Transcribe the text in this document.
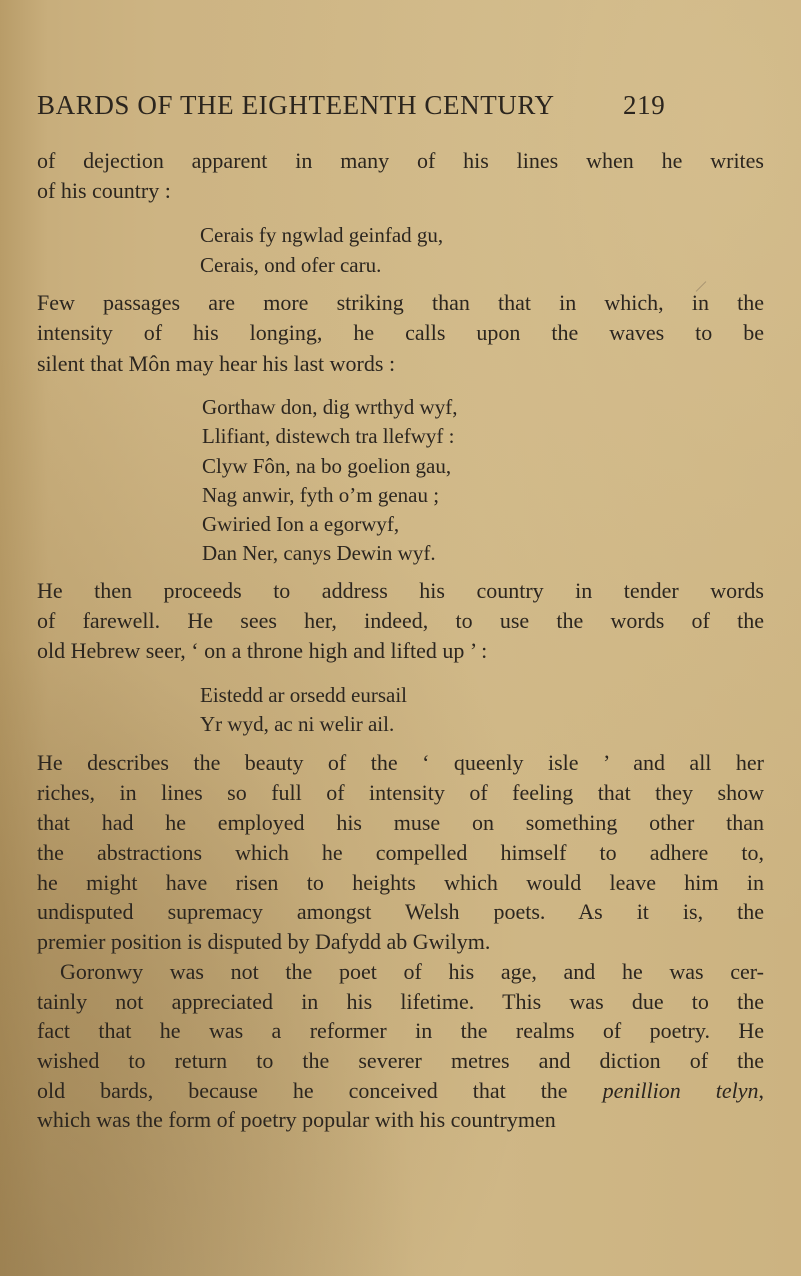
BARDS OF THE EIGHTEENTH CENTURY	219
of dejection apparent in many of his lines when he writes
of his country :
Cerais fy ngwlad geinfad gu,
Cerais, ond ofer caru.
Few passages are more striking than that in which, in the
intensity of his longing, he calls upon the waves to be
silent that Môn may hear his last words :
Gorthaw don, dig wrthyd wyf,
Llifiant, distewch tra llefwyf :
Clyw Fôn, na bo goelion gau,
Nag anwir, fyth o’m genau ;
Gwiried Ion a egorwyf,
Dan Ner, canys Dewin wyf.
He then proceeds to address his country in tender words
of farewell. He sees her, indeed, to use the words of the
old Hebrew seer, ‘ on a throne high and lifted up ’ :
Eistedd ar orsedd eursail
Yr wyd, ac ni welir ail.
He describes the beauty of the ‘ queenly isle ’ and all her
riches, in lines so full of intensity of feeling that they show
that had he employed his muse on something other than
the abstractions which he compelled himself to adhere to,
he might have risen to heights which would leave him in
undisputed supremacy amongst Welsh poets. As it is, the
premier position is disputed by Dafydd ab Gwilym.
Goronwy was not the poet of his age, and he was cer-
tainly not appreciated in his lifetime. This was due to the
fact that he was a reformer in the realms of poetry. He
wished to return to the severer metres and diction of the
old bards, because he conceived that the penillion telyn,
which was the form of poetry popular with his countrymen
